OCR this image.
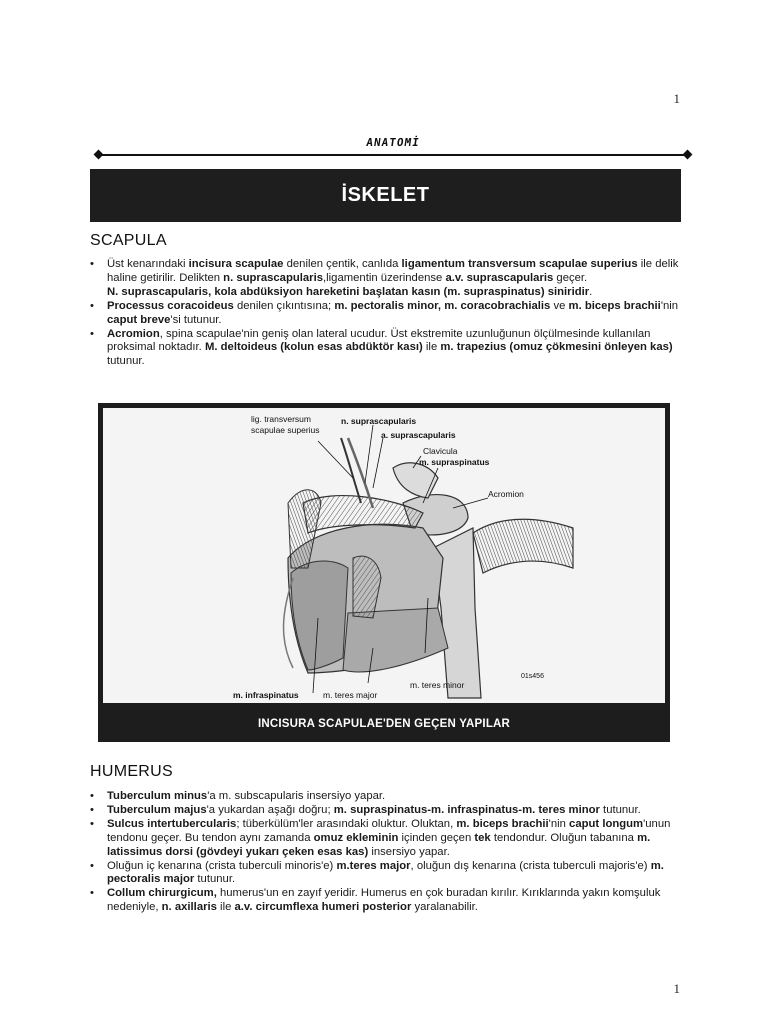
1
ANATOMİ
İSKELET
SCAPULA
• Üst kenarındaki incisura scapulae denilen çentik, canlıda ligamentum transversum scapulae superius ile delik haline getirilir. Delikten n. suprascapularis,ligamentin üzerindense a.v. suprascapularis geçer.
N. suprascapularis, kola abdüksiyon hareketini başlatan kasın (m. supraspinatus) siniridir.
• Processus coracoideus denilen çıkıntısına; m. pectoralis minor, m. coracobrachialis ve m. biceps brachii'nin caput breve'si tutunur.
• Acromion, spina scapulae'nin geniş olan lateral ucudur. Üst ekstremite uzunluğunun ölçülmesinde kullanılan proksimal noktadır. M. deltoideus (kolun esas abdüktör kası) ile m. trapezius (omuz çökmesini önleyen kas) tutunur.
lig. transversum
scapulae superius
n. suprascapularis
a. suprascapularis
Clavicula
m. supraspinatus
Acromion
01s456
m. teres minor
m. infraspinatus	m. teres major
INCISURA SCAPULAE'DEN GEÇEN YAPILAR
HUMERUS
• Tuberculum minus'a m. subscapularis insersiyo yapar.
• Tuberculum majus'a yukardan aşağı doğru; m. supraspinatus-m. infraspinatus-m. teres minor tutunur.
• Sulcus intertubercularis; tüberkülüm'ler arasındaki oluktur. Oluktan, m. biceps brachii'nin caput longum'unun tendonu geçer. Bu tendon aynı zamanda omuz ekleminin içinden geçen tek tendondur. Oluğun tabanına m. latissimus dorsi (gövdeyi yukarı çeken esas kas) insersiyo yapar.
• Oluğun iç kenarına (crista tuberculi minoris'e) m.teres major, oluğun dış kenarına (crista tuberculi majoris'e) m. pectoralis major tutunur.
• Collum chirurgicum, humerus'un en zayıf yeridir. Humerus en çok buradan kırılır. Kırıklarında yakın komşuluk nedeniyle, n. axillaris ile a.v. circumflexa humeri posterior yaralanabilir.
1
